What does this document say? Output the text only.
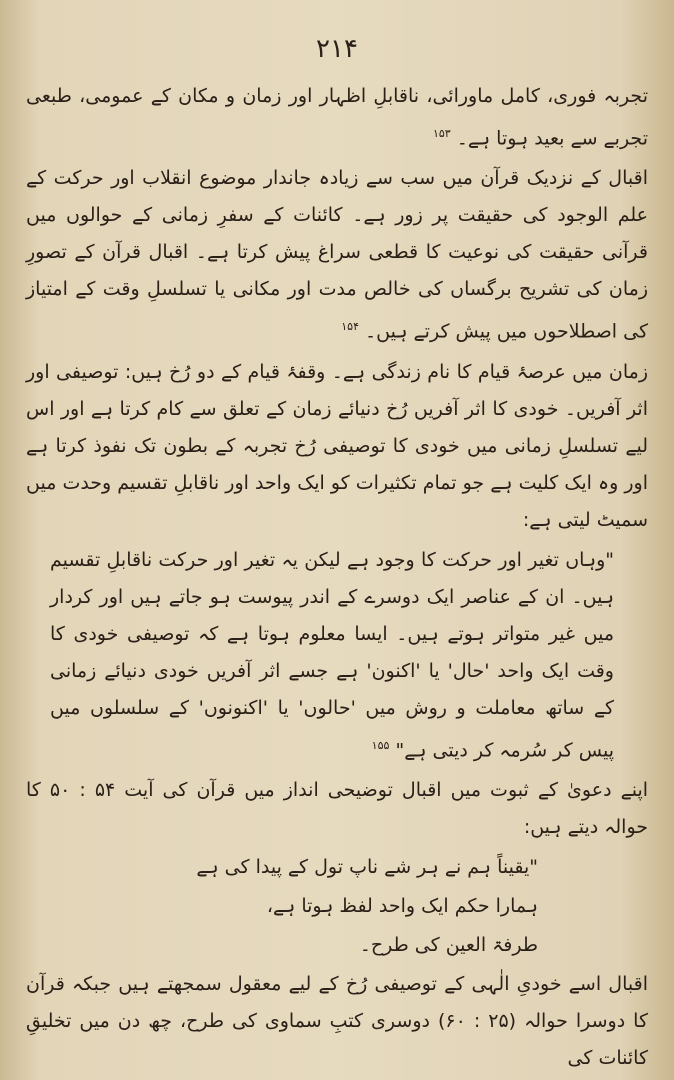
۲۱۴

تجربہ فوری، کامل ماورائی، ناقابلِ اظہار اور زمان و مکان کے عمومی، طبعی تجربے سے بعید ہوتا ہے۔ $^{۱۵۳}$

اقبال کے نزدیک قرآن میں سب سے زیادہ جاندار موضوع انقلاب اور حرکت کے علم الوجود کی حقیقت پر زور ہے۔ کائنات کے سفرِ زمانی کے حوالوں میں قرآنی حقیقت کی نوعیت کا قطعی سراغ پیش کرتا ہے۔ اقبال قرآن کے تصورِ زمان کی تشریح برگساں کی خالص مدت اور مکانی یا تسلسلِ وقت کے امتیاز کی اصطلاحوں میں پیش کرتے ہیں۔ $^{۱۵۴}$

زمان میں عرصۂ قیام کا نام زندگی ہے۔ وقفۂ قیام کے دو رُخ ہیں: توصیفی اور اثر آفریں۔ خودی کا اثر آفریں رُخ دنیائے زمان کے تعلق سے کام کرتا ہے اور اس لیے تسلسلِ زمانی میں خودی کا توصیفی رُخ تجربہ کے بطون تک نفوذ کرتا ہے اور وہ ایک کلیت ہے جو تمام تکثیرات کو ایک واحد اور ناقابلِ تقسیم وحدت میں سمیٹ لیتی ہے:

"وہاں تغیر اور حرکت کا وجود ہے لیکن یہ تغیر اور حرکت ناقابلِ تقسیم ہیں۔ ان کے عناصر ایک دوسرے کے اندر پیوست ہو جاتے ہیں اور کردار میں غیر متواتر ہوتے ہیں۔ ایسا معلوم ہوتا ہے کہ توصیفی خودی کا وقت ایک واحد 'حال' یا 'اکنون' ہے جسے اثر آفریں خودی دنیائے زمانی کے ساتھ معاملت و روش میں 'حالوں' یا 'اکنونوں' کے سلسلوں میں پیس کر سُرمہ کر دیتی ہے" $^{۱۵۵}$

اپنے دعویٰ کے ثبوت میں اقبال توضیحی انداز میں قرآن کی آیت ۵۴ : ۵۰ کا حوالہ دیتے ہیں:

"یقیناً ہم نے ہر شے ناپ تول کے پیدا کی ہے

ہمارا حکم ایک واحد لفظ ہوتا ہے،

طرفۃ العین کی طرح۔

اقبال اسے خودیِ الٰہی کے توصیفی رُخ کے لیے معقول سمجھتے ہیں جبکہ قرآن کا دوسرا حوالہ (۲۵ : ۶۰) دوسری کتبِ سماوی کی طرح، چھ دن میں تخلیقِ کائنات کی
